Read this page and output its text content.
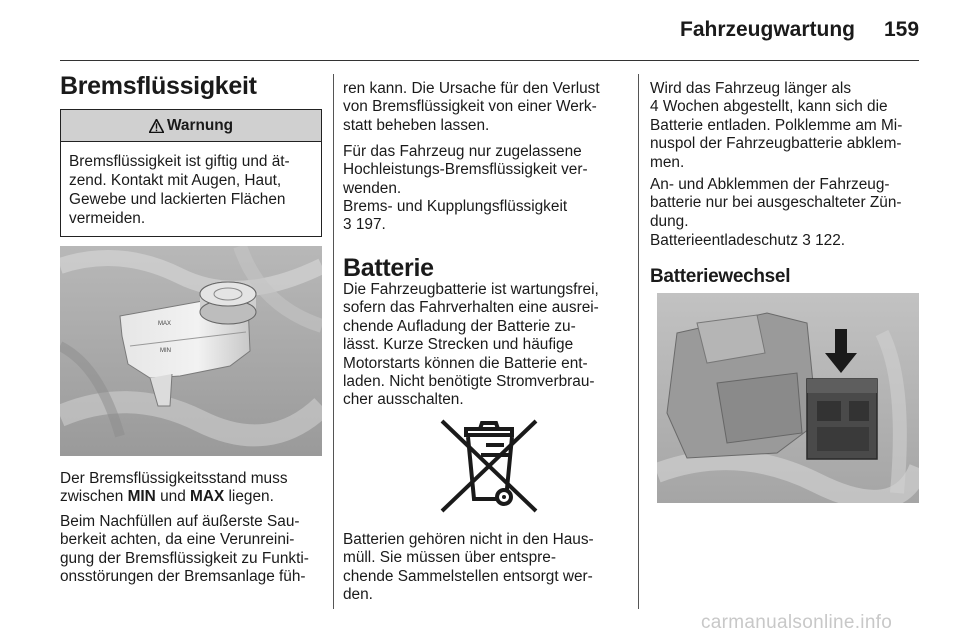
Fahrzeugwartung 159
Bremsflüssigkeit
Warnung
Bremsflüssigkeit ist giftig und ät-
zend. Kontakt mit Augen, Haut,
Gewebe und lackierten Flächen
vermeiden.
MAX
MIN

Der Bremsflüssigkeitsstand muss
zwischen MIN und MAX liegen.

Beim Nachfüllen auf äußerste Sau-
berkeit achten, da eine Verunreini-
gung der Bremsflüssigkeit zu Funkti-
onsstörungen der Bremsanlage füh-

ren kann. Die Ursache für den Verlust
von Bremsflüssigkeit von einer Werk-
statt beheben lassen.

Für das Fahrzeug nur zugelassene
Hochleistungs-Bremsflüssigkeit ver-
wenden.

Brems- und Kupplungsflüssigkeit
3 197.

Batterie

Die Fahrzeugbatterie ist wartungsfrei,
sofern das Fahrverhalten eine ausrei-
chende Aufladung der Batterie zu-
lässt. Kurze Strecken und häufige
Motorstarts können die Batterie ent-
laden. Nicht benötigte Stromverbrau-
cher ausschalten.

Batterien gehören nicht in den Haus-
müll. Sie müssen über entspre-
chende Sammelstellen entsorgt wer-
den.

Wird das Fahrzeug länger als
4 Wochen abgestellt, kann sich die
Batterie entladen. Polklemme am Mi-
nuspol der Fahrzeugbatterie abklem-
men.

An- und Abklemmen der Fahrzeug-
batterie nur bei ausgeschalteter Zün-
dung.

Batterieentladeschutz 3 122.

Batteriewechsel
carmanualsonline.info
